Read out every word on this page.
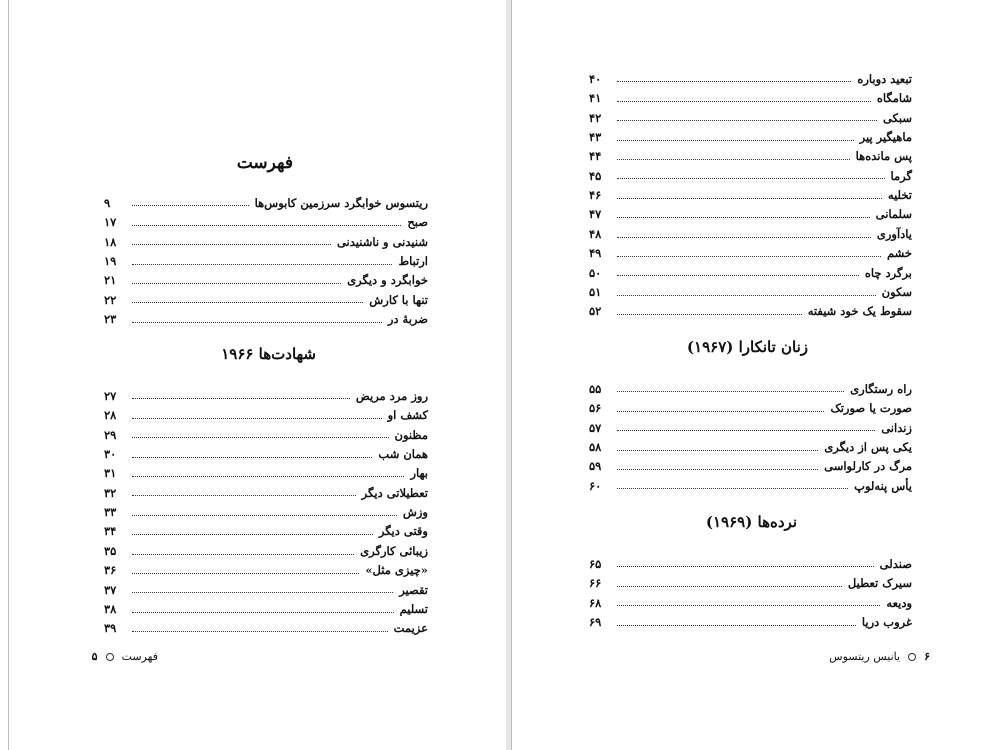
فهرست
ریتسوس خوابگرد سرزمین کابوس‌ها
۹
صبح
۱۷
شنیدنی و ناشنیدنی
۱۸
ارتباط
۱۹
خوابگرد و دیگری
۲۱
تنها با کارش
۲۲
ضربهٔ در
۲۳
شهادت‌ها ۱۹۶۶
روز مرد مریض
۲۷
کشف او
۲۸
مظنون
۲۹
همان شب
۳۰
بهار
۳۱
تعطیلاتی دیگر
۳۲
وزش
۳۳
وقتی دیگر
۳۴
زیبائی کارگری
۳۵
«چیزی مثل»
۳۶
تقصیر
۳۷
تسلیم
۳۸
عزیمت
۳۹
فهرست۵
تبعید دوباره
۴۰
شامگاه
۴۱
سبکی
۴۲
ماهیگیر پیر
۴۳
پس مانده‌ها
۴۴
گرما
۴۵
تخلیه
۴۶
سلمانی
۴۷
یادآوری
۴۸
خشم
۴۹
برگرد چاه
۵۰
سکون
۵۱
سقوط یک خود شیفته
۵۲
زنان تانکارا (۱۹۶۷)
راه رستگاری
۵۵
صورت یا صورتک
۵۶
زندانی
۵۷
یکی پس از دیگری
۵۸
مرگ در کارلواسی
۵۹
یأس پنه‌لوپ
۶۰
نرده‌ها (۱۹۶۹)
صندلی
۶۵
سیرک تعطیل
۶۶
ودیعه
۶۸
غروب دریا
۶۹
۶یانیس ریتسوس
